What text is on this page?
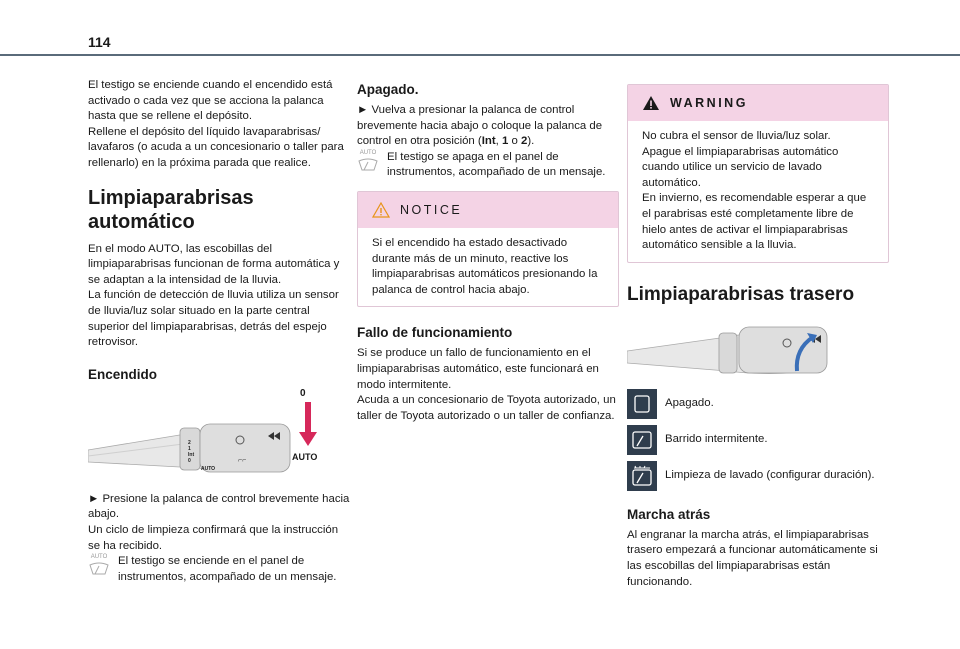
114

El testigo se enciende cuando el encendido está activado o cada vez que se acciona la palanca hasta que se rellene el depósito.

Rellene el depósito del líquido lavaparabrisas/ lavafaros (o acuda a un concesionario o taller para rellenarlo) en la próxima parada que realice.

Limpiaparabrisas automático

En el modo AUTO, las escobillas del limpiaparabrisas funcionan de forma automática y se adaptan a la intensidad de la lluvia.

La función de detección de lluvia utiliza un sensor de lluvia/luz solar situado en la parte central superior del limpiaparabrisas, detrás del espejo retrovisor.

Encendido
⌐⌐
2
1
Int
0
AUTO
0
AUTO

► Presione la palanca de control brevemente hacia abajo.

Un ciclo de limpieza confirmará que la instrucción se ha recibido.

AUTO El testigo se enciende en el panel de instrumentos, acompañado de un mensaje.

Apagado.

► Vuelva a presionar la palanca de control brevemente hacia abajo o coloque la palanca de control en otra posición (Int, 1 o 2).

AUTO El testigo se apaga en el panel de instrumentos, acompañado de un mensaje.

NOTICE

Si el encendido ha estado desactivado durante más de un minuto, reactive los limpiaparabrisas automáticos presionando la palanca de control hacia abajo.

Fallo de funcionamiento

Si se produce un fallo de funcionamiento en el limpiaparabrisas automático, este funcionará en modo intermitente.

Acuda a un concesionario de Toyota autorizado, un taller de Toyota autorizado o un taller de confianza.

WARNING

No cubra el sensor de lluvia/luz solar.

Apague el limpiaparabrisas automático cuando utilice un servicio de lavado automático.

En invierno, es recomendable esperar a que el parabrisas esté completamente libre de hielo antes de activar el limpiaparabrisas automático sensible a la lluvia.

Limpiaparabrisas trasero

Apagado.

Barrido intermitente.

Limpieza de lavado (configurar duración).

Marcha atrás

Al engranar la marcha atrás, el limpiaparabrisas trasero empezará a funcionar automáticamente si las escobillas del limpiaparabrisas están funcionando.
